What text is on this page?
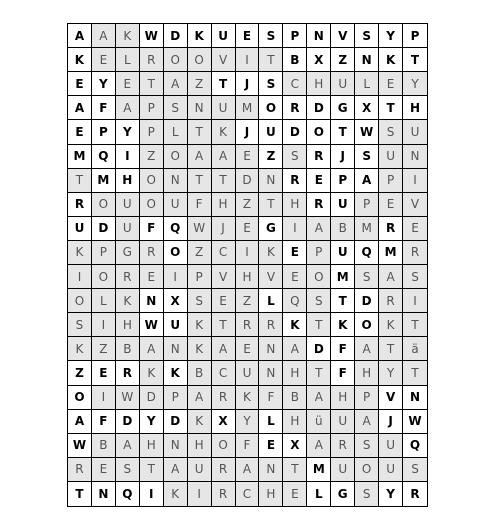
A	A	K	W	D	K	U	E	S	P	N	V	S	Y	P
K	E	L	R	O	O	V	I	T	B	X	Z	N	K	T
E	Y	E	T	A	Z	T	J	S	C	H	U	L	E	Y
A	F	A	P	S	N	U	M	O	R	D	G	X	T	H
E	P	Y	P	L	T	K	J	U	D	O	T	W	S	U
M	Q	I	Z	O	A	A	E	Z	S	R	J	S	U	N
T	M	H	O	N	T	T	D	N	R	E	P	A	P	I
R	O	U	O	U	F	H	Z	T	H	R	U	P	E	V
U	D	U	F	Q	W	J	E	G	I	A	B	M	R	E
K	P	G	R	O	Z	C	I	K	E	P	U	Q	M	R
I	O	R	E	I	P	V	H	V	E	O	M	S	A	S
O	L	K	N	X	S	E	Z	L	Q	S	T	D	R	I
S	I	H	W	U	K	T	R	R	K	T	K	O	K	T
K	Z	B	A	N	K	A	E	N	A	D	F	A	T	ä
Z	E	R	K	K	B	C	U	N	H	T	F	H	Y	T
O	I	W	D	P	A	R	K	F	B	A	H	P	V	N
A	F	D	Y	D	K	X	Y	L	H	ü	U	A	J	W
W	B	A	H	N	H	O	F	E	X	A	R	S	U	Q
R	E	S	T	A	U	R	A	N	T	M	U	O	U	S
T	N	Q	I	K	I	R	C	H	E	L	G	S	Y	R
